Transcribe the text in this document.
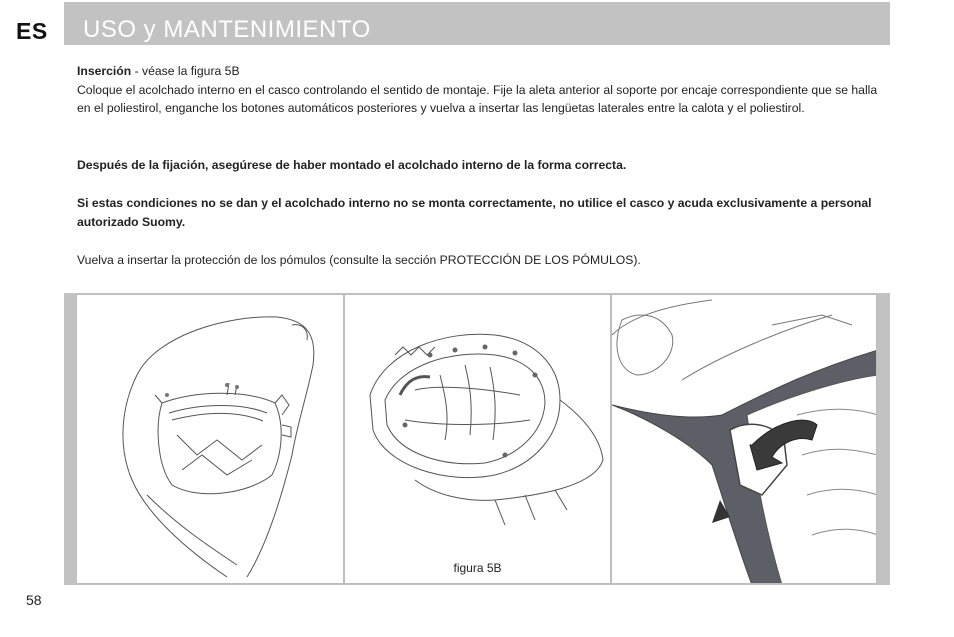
ES USO y MANTENIMIENTO
Inserción - véase la figura 5B
Coloque el acolchado interno en el casco controlando el sentido de montaje. Fije la aleta anterior al soporte por encaje correspondiente que se halla en el poliestirol, enganche los botones automáticos posteriores y vuelva a insertar las lengüetas laterales entre la calota y el poliestirol.
Después de la fijación, asegúrese de haber montado el acolchado interno de la forma correcta.
Si estas condiciones no se dan y el acolchado interno no se monta correctamente, no utilice el casco y acuda exclusivamente a personal autorizado Suomy.
Vuelva a insertar la protección de los pómulos (consulte la sección PROTECCIÓN DE LOS PÓMULOS).
figura 5B
58
